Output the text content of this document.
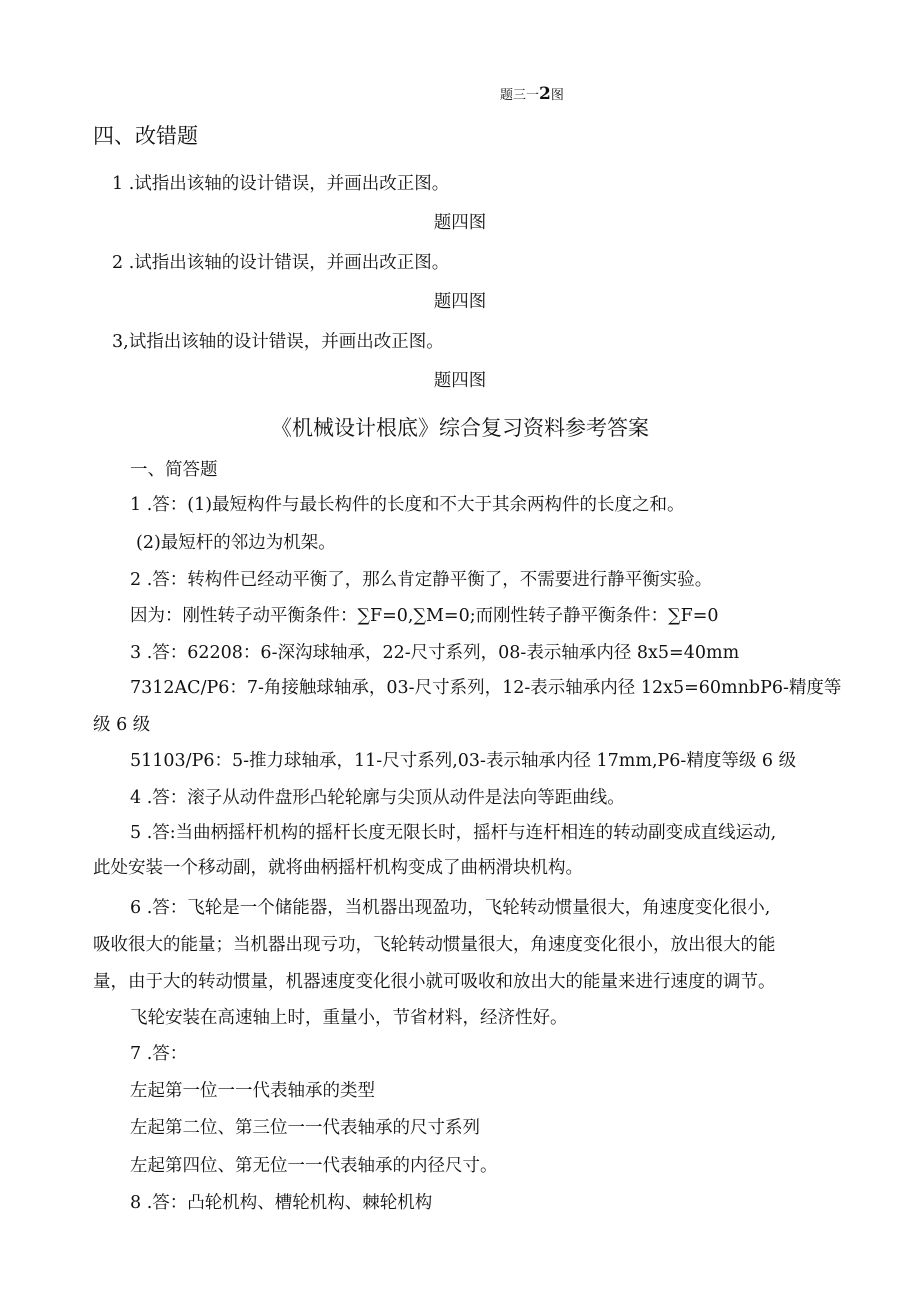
题三一2图
四、改错题
1 .试指出该轴的设计错误，并画出改正图。
题四图
2 .试指出该轴的设计错误，并画出改正图。
题四图
3,试指出该轴的设计错误，并画出改正图。
题四图
《机械设计根底》综合复习资料参考答案
一、简答题
1 .答：(1)最短构件与最长构件的长度和不大于其余两构件的长度之和。
(2)最短杆的邻边为机架。
2 .答：转构件已经动平衡了，那么肯定静平衡了，不需要进行静平衡实验。
因为：刚性转子动平衡条件：∑F=0,∑M=0;而刚性转子静平衡条件：∑F=0
3 .答：62208：6-深沟球轴承，22-尺寸系列，08-表示轴承内径 8x5=40mm
7312AC/P6：7-角接触球轴承，03-尺寸系列，12-表示轴承内径 12x5=60mnbP6-精度等
级 6 级
51103/P6：5-推力球轴承，11-尺寸系列,03-表示轴承内径 17mm,P6-精度等级 6 级
4 .答：滚子从动件盘形凸轮轮廓与尖顶从动件是法向等距曲线。
5 .答:当曲柄摇杆机构的摇杆长度无限长时，摇杆与连杆相连的转动副变成直线运动,
此处安装一个移动副，就将曲柄摇杆机构变成了曲柄滑块机构。
6 .答：飞轮是一个储能器，当机器出现盈功，飞轮转动惯量很大，角速度变化很小,
吸收很大的能量；当机器出现亏功，飞轮转动惯量很大，角速度变化很小，放出很大的能
量，由于大的转动惯量，机器速度变化很小就可吸收和放出大的能量来进行速度的调节。
飞轮安装在高速轴上时，重量小，节省材料，经济性好。
7 .答：
左起第一位一一代表轴承的类型
左起第二位、第三位一一代表轴承的尺寸系列
左起第四位、第无位一一代表轴承的内径尺寸。
8 .答：凸轮机构、槽轮机构、棘轮机构
